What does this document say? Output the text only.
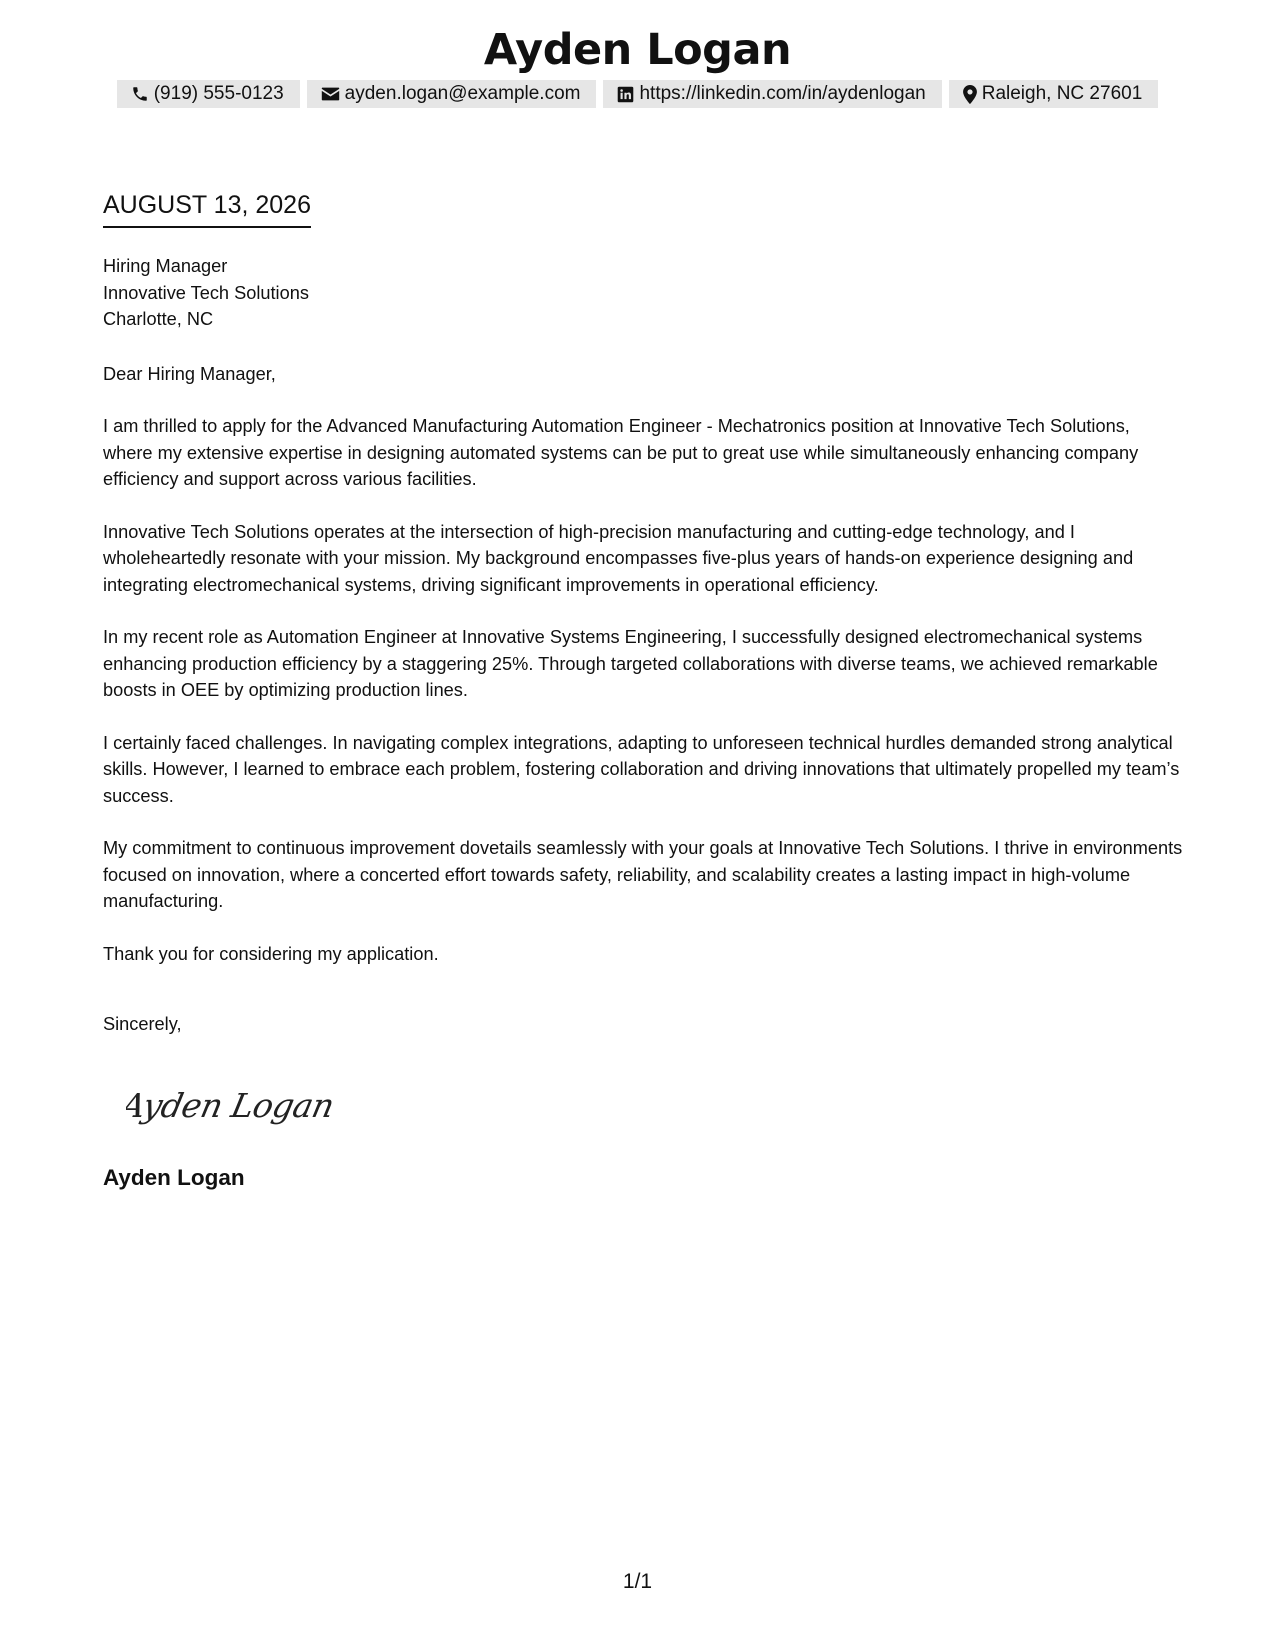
Ayden Logan
(919) 555-0123	ayden.logan@example.com	https://linkedin.com/in/aydenlogan	Raleigh, NC 27601
AUGUST 13, 2026
Hiring Manager
Innovative Tech Solutions
Charlotte, NC

Dear Hiring Manager,

I am thrilled to apply for the Advanced Manufacturing Automation Engineer - Mechatronics position at Innovative Tech Solutions, where my extensive expertise in designing automated systems can be put to great use while simultaneously enhancing company efficiency and support across various facilities.

Innovative Tech Solutions operates at the intersection of high-precision manufacturing and cutting-edge technology, and I wholeheartedly resonate with your mission. My background encompasses five-plus years of hands-on experience designing and integrating electromechanical systems, driving significant improvements in operational efficiency.

In my recent role as Automation Engineer at Innovative Systems Engineering, I successfully designed electromechanical systems enhancing production efficiency by a staggering 25%. Through targeted collaborations with diverse teams, we achieved remarkable boosts in OEE by optimizing production lines.

I certainly faced challenges. In navigating complex integrations, adapting to unforeseen technical hurdles demanded strong analytical skills. However, I learned to embrace each problem, fostering collaboration and driving innovations that ultimately propelled my team’s success.

My commitment to continuous improvement dovetails seamlessly with your goals at Innovative Tech Solutions. I thrive in environments focused on innovation, where a concerted effort towards safety, reliability, and scalability creates a lasting impact in high-volume manufacturing.

Thank you for considering my application.

Sincerely,

Ayden Logan
Ayden Logan
1/1
